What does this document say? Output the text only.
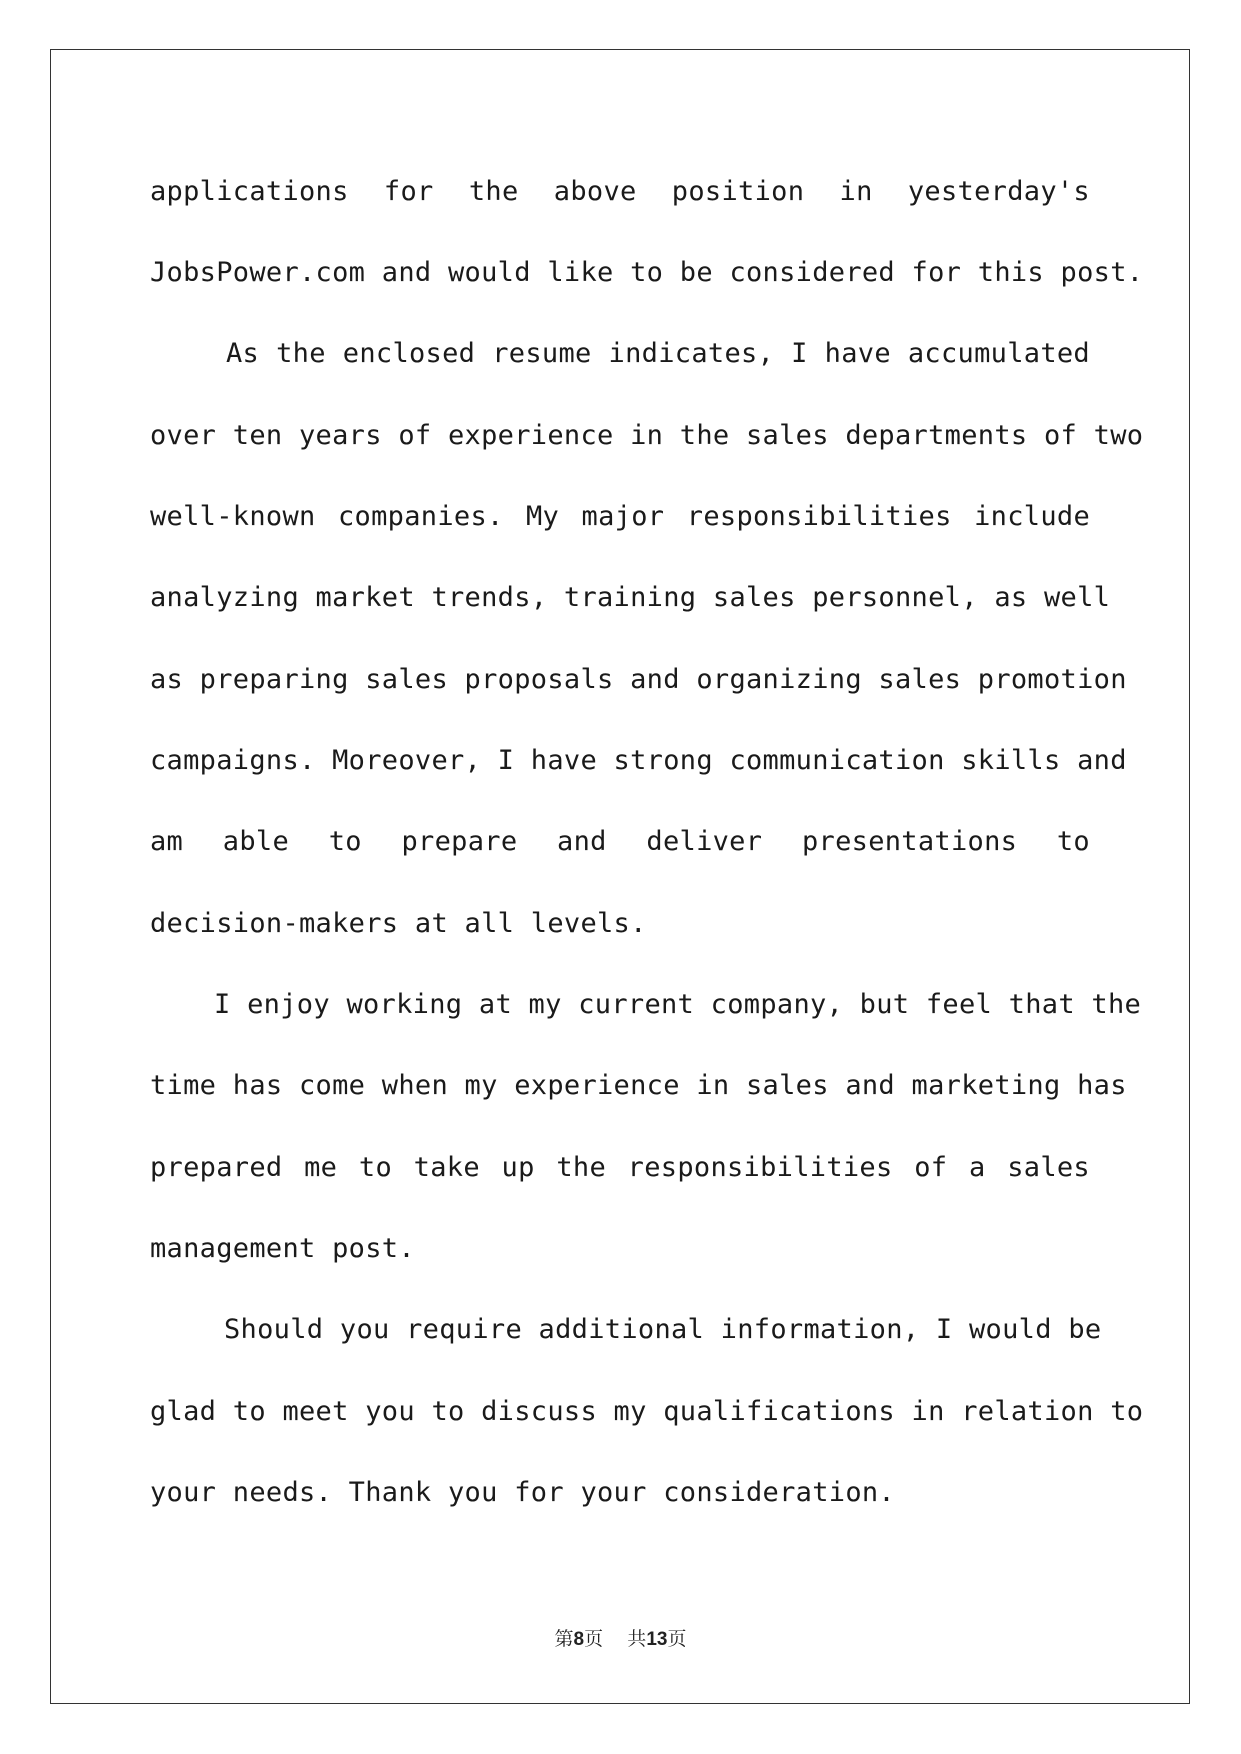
applications for the above position in yesterday's
JobsPower.com and would like to be considered for this post.
As the enclosed resume indicates, I have accumulated
over ten years of experience in the sales departments of two
well-known companies. My major responsibilities include
analyzing market trends, training sales personnel, as well
as preparing sales proposals and organizing sales promotion
campaigns. Moreover, I have strong communication skills and
am able to prepare and deliver presentations to
decision-makers at all levels.
I enjoy working at my current company, but feel that the
time has come when my experience in sales and marketing has
prepared me to take up the responsibilities of a sales
management post.
Should you require additional information, I would be
glad to meet you to discuss my qualifications in relation to
your needs. Thank you for your consideration.
第8页 共13页
